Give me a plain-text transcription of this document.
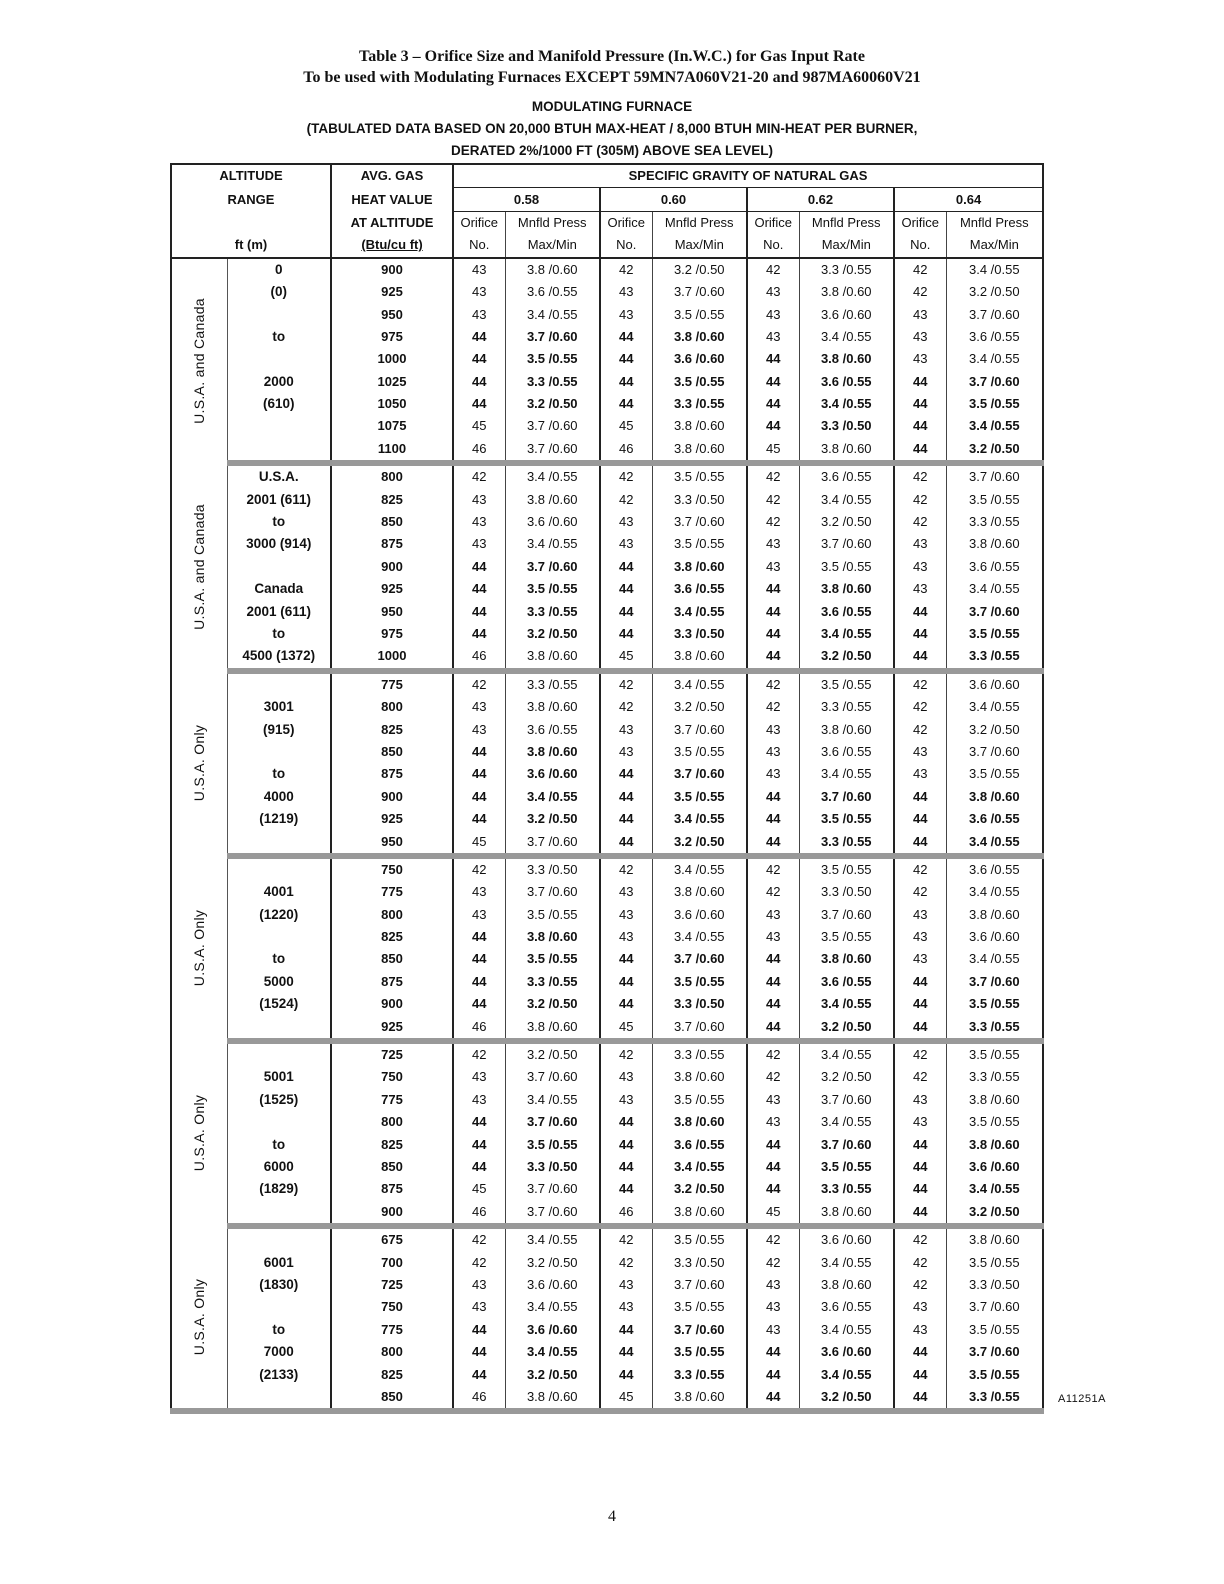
Table 3 – Orifice Size and Manifold Pressure (In.W.C.) for Gas Input Rate
To be used with Modulating Furnaces EXCEPT 59MN7A060V21-20 and 987MA60060V21
MODULATING FURNACE
(TABULATED DATA BASED ON 20,000 BTUH MAX-HEAT / 8,000 BTUH MIN-HEAT PER BURNER,
DERATED 2%/1000 FT (305M) ABOVE SEA LEVEL)
ALTITUDE		AVG. GAS	SPECIFIC GRAVITY OF NATURAL GAS							
RANGE		HEAT VALUE	0.58		0.60		0.62		0.64	
		AT ALTITUDE	Orifice	Mnfld Press	Orifice	Mnfld Press	Orifice	Mnfld Press	Orifice	Mnfld Press
ft (m)		(Btu/cu ft)	No.	Max/Min	No.	Max/Min	No.	Max/Min	No.	Max/Min

U.S.A. and Canada	0	900	43	3.8 /0.60	42	3.2 /0.50	42	3.3 /0.55	42	3.4 /0.55
	(0)	925	43	3.6 /0.55	43	3.7 /0.60	43	3.8 /0.60	42	3.2 /0.50
		950	43	3.4 /0.55	43	3.5 /0.55	43	3.6 /0.60	43	3.7 /0.60
	to	975	44	3.7 /0.60	44	3.8 /0.60	43	3.4 /0.55	43	3.6 /0.55
		1000	44	3.5 /0.55	44	3.6 /0.60	44	3.8 /0.60	43	3.4 /0.55
	2000	1025	44	3.3 /0.55	44	3.5 /0.55	44	3.6 /0.55	44	3.7 /0.60
	(610)	1050	44	3.2 /0.50	44	3.3 /0.55	44	3.4 /0.55	44	3.5 /0.55
		1075	45	3.7 /0.60	45	3.8 /0.60	44	3.3 /0.50	44	3.4 /0.55
		1100	46	3.7 /0.60	46	3.8 /0.60	45	3.8 /0.60	44	3.2 /0.50

U.S.A. and Canada	U.S.A.	800	42	3.4 /0.55	42	3.5 /0.55	42	3.6 /0.55	42	3.7 /0.60
	2001 (611)	825	43	3.8 /0.60	42	3.3 /0.50	42	3.4 /0.55	42	3.5 /0.55
	to	850	43	3.6 /0.60	43	3.7 /0.60	42	3.2 /0.50	42	3.3 /0.55
	3000 (914)	875	43	3.4 /0.55	43	3.5 /0.55	43	3.7 /0.60	43	3.8 /0.60
		900	44	3.7 /0.60	44	3.8 /0.60	43	3.5 /0.55	43	3.6 /0.55
	Canada	925	44	3.5 /0.55	44	3.6 /0.55	44	3.8 /0.60	43	3.4 /0.55
	2001 (611)	950	44	3.3 /0.55	44	3.4 /0.55	44	3.6 /0.55	44	3.7 /0.60
	to	975	44	3.2 /0.50	44	3.3 /0.50	44	3.4 /0.55	44	3.5 /0.55
	4500 (1372)	1000	46	3.8 /0.60	45	3.8 /0.60	44	3.2 /0.50	44	3.3 /0.55

U.S.A. Only		775	42	3.3 /0.55	42	3.4 /0.55	42	3.5 /0.55	42	3.6 /0.60
	3001	800	43	3.8 /0.60	42	3.2 /0.50	42	3.3 /0.55	42	3.4 /0.55
	(915)	825	43	3.6 /0.55	43	3.7 /0.60	43	3.8 /0.60	42	3.2 /0.50
		850	44	3.8 /0.60	43	3.5 /0.55	43	3.6 /0.55	43	3.7 /0.60
	to	875	44	3.6 /0.60	44	3.7 /0.60	43	3.4 /0.55	43	3.5 /0.55
	4000	900	44	3.4 /0.55	44	3.5 /0.55	44	3.7 /0.60	44	3.8 /0.60
	(1219)	925	44	3.2 /0.50	44	3.4 /0.55	44	3.5 /0.55	44	3.6 /0.55
		950	45	3.7 /0.60	44	3.2 /0.50	44	3.3 /0.55	44	3.4 /0.55

U.S.A. Only		750	42	3.3 /0.50	42	3.4 /0.55	42	3.5 /0.55	42	3.6 /0.55
	4001	775	43	3.7 /0.60	43	3.8 /0.60	42	3.3 /0.50	42	3.4 /0.55
	(1220)	800	43	3.5 /0.55	43	3.6 /0.60	43	3.7 /0.60	43	3.8 /0.60
		825	44	3.8 /0.60	43	3.4 /0.55	43	3.5 /0.55	43	3.6 /0.60
	to	850	44	3.5 /0.55	44	3.7 /0.60	44	3.8 /0.60	43	3.4 /0.55
	5000	875	44	3.3 /0.55	44	3.5 /0.55	44	3.6 /0.55	44	3.7 /0.60
	(1524)	900	44	3.2 /0.50	44	3.3 /0.50	44	3.4 /0.55	44	3.5 /0.55
		925	46	3.8 /0.60	45	3.7 /0.60	44	3.2 /0.50	44	3.3 /0.55

U.S.A. Only		725	42	3.2 /0.50	42	3.3 /0.55	42	3.4 /0.55	42	3.5 /0.55
	5001	750	43	3.7 /0.60	43	3.8 /0.60	42	3.2 /0.50	42	3.3 /0.55
	(1525)	775	43	3.4 /0.55	43	3.5 /0.55	43	3.7 /0.60	43	3.8 /0.60
		800	44	3.7 /0.60	44	3.8 /0.60	43	3.4 /0.55	43	3.5 /0.55
	to	825	44	3.5 /0.55	44	3.6 /0.55	44	3.7 /0.60	44	3.8 /0.60
	6000	850	44	3.3 /0.50	44	3.4 /0.55	44	3.5 /0.55	44	3.6 /0.60
	(1829)	875	45	3.7 /0.60	44	3.2 /0.50	44	3.3 /0.55	44	3.4 /0.55
		900	46	3.7 /0.60	46	3.8 /0.60	45	3.8 /0.60	44	3.2 /0.50

U.S.A. Only		675	42	3.4 /0.55	42	3.5 /0.55	42	3.6 /0.60	42	3.8 /0.60
	6001	700	42	3.2 /0.50	42	3.3 /0.50	42	3.4 /0.55	42	3.5 /0.55
	(1830)	725	43	3.6 /0.60	43	3.7 /0.60	43	3.8 /0.60	42	3.3 /0.50
		750	43	3.4 /0.55	43	3.5 /0.55	43	3.6 /0.55	43	3.7 /0.60
	to	775	44	3.6 /0.60	44	3.7 /0.60	43	3.4 /0.55	43	3.5 /0.55
	7000	800	44	3.4 /0.55	44	3.5 /0.55	44	3.6 /0.60	44	3.7 /0.60
	(2133)	825	44	3.2 /0.50	44	3.3 /0.55	44	3.4 /0.55	44	3.5 /0.55
		850	46	3.8 /0.60	45	3.8 /0.60	44	3.2 /0.50	44	3.3 /0.55	A11251A
4
